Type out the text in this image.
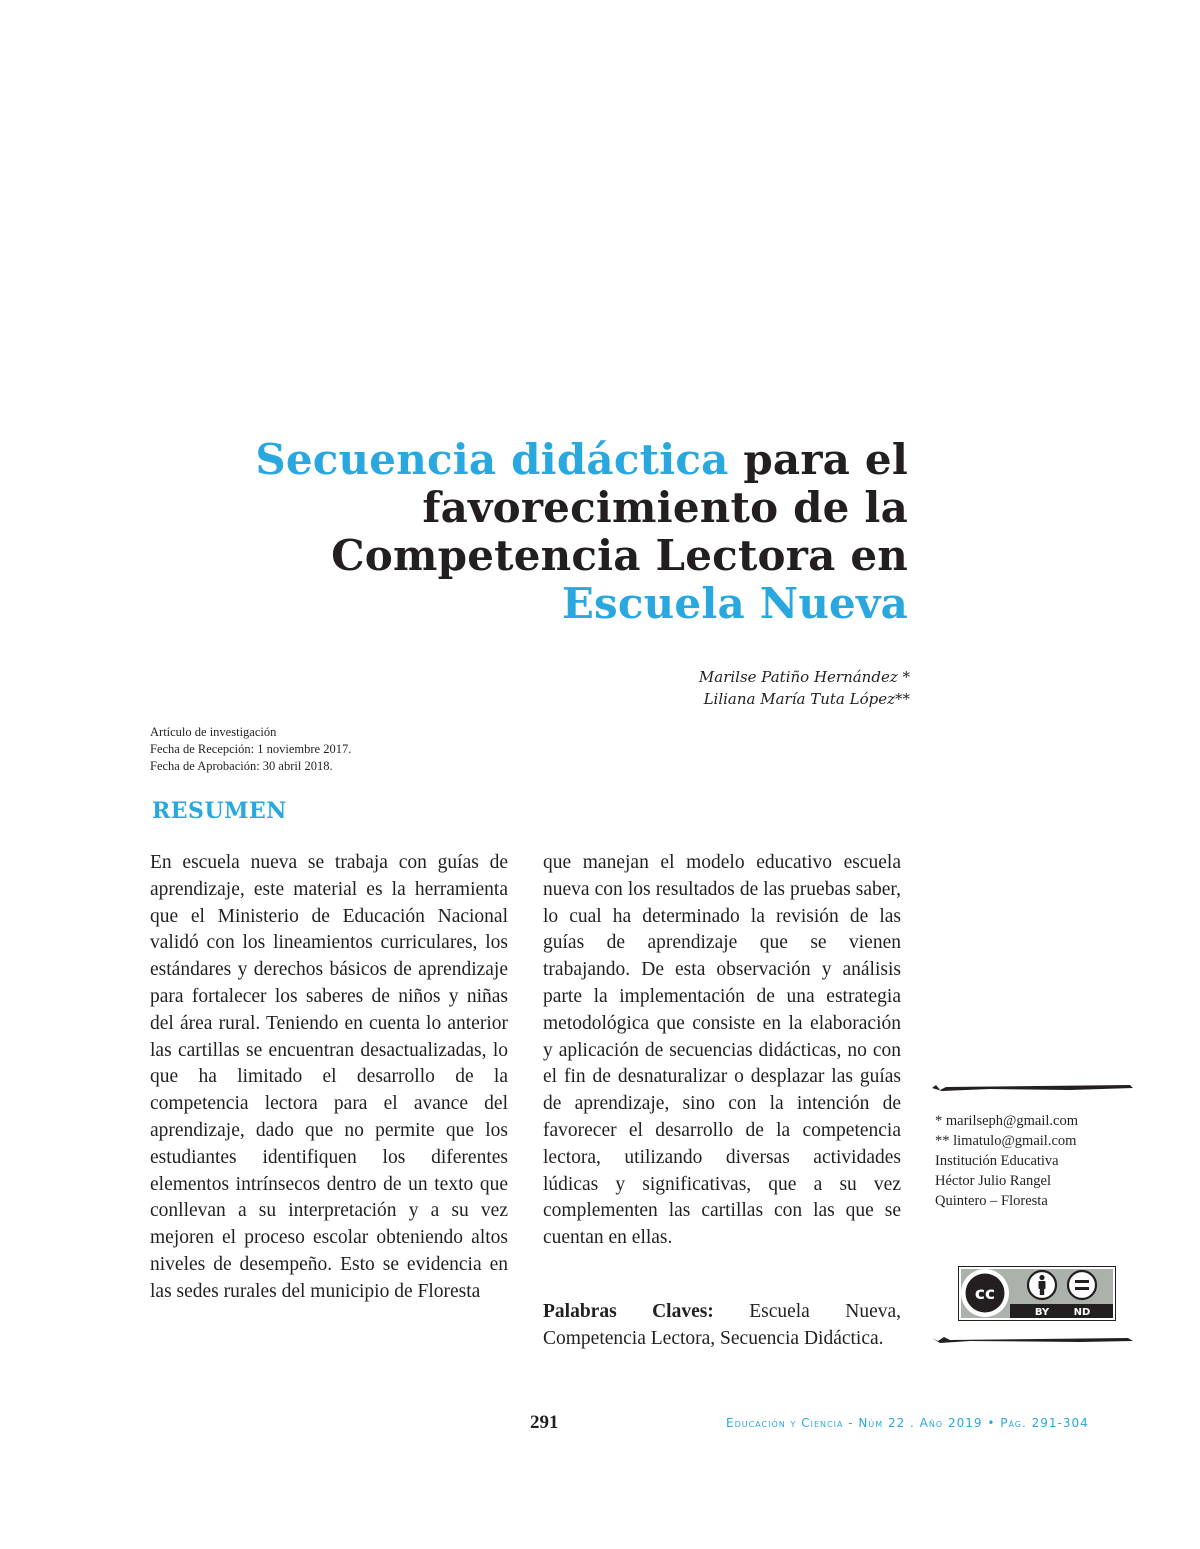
Secuencia didáctica para el favorecimiento de la Competencia Lectora en Escuela Nueva
Marilse Patiño Hernández *
Liliana María Tuta López**
Artículo de investigación
Fecha de Recepción: 1 noviembre 2017.
Fecha de Aprobación: 30 abril 2018.
RESUMEN

En escuela nueva se trabaja con guías de aprendizaje, este material es la herramienta que el Ministerio de Educación Nacional validó con los lineamientos curriculares, los estándares y derechos básicos de aprendizaje para fortalecer los saberes de niños y niñas del área rural. Teniendo en cuenta lo anterior las cartillas se encuentran desactualizadas, lo que ha limitado el desarrollo de la competencia lectora para el avance del aprendizaje, dado que no permite que los estudiantes identifiquen los diferentes elementos intrínsecos dentro de un texto que conllevan a su interpretación y a su vez mejoren el proceso escolar obteniendo altos niveles de desempeño. Esto se evidencia en las sedes rurales del municipio de Floresta

que manejan el modelo educativo escuela nueva con los resultados de las pruebas saber, lo cual ha determinado la revisión de las guías de aprendizaje que se vienen trabajando. De esta observación y análisis parte la implementación de una estrategia metodológica que consiste en la elaboración y aplicación de secuencias didácticas, no con el fin de desnaturalizar o desplazar las guías de aprendizaje, sino con la intención de favorecer el desarrollo de la competencia lectora, utilizando diversas actividades lúdicas y significativas, que a su vez complementen las cartillas con las que se cuentan en ellas.

Palabras Claves: Escuela Nueva, Competencia Lectora, Secuencia Didáctica.

* marilseph@gmail.com
** limatulo@gmail.com
Institución Educativa
Héctor Julio Rangel
Quintero – Floresta
cc
BY ND
291	Educación y Ciencia - Núm 22 . Año 2019 • Pág. 291-304
